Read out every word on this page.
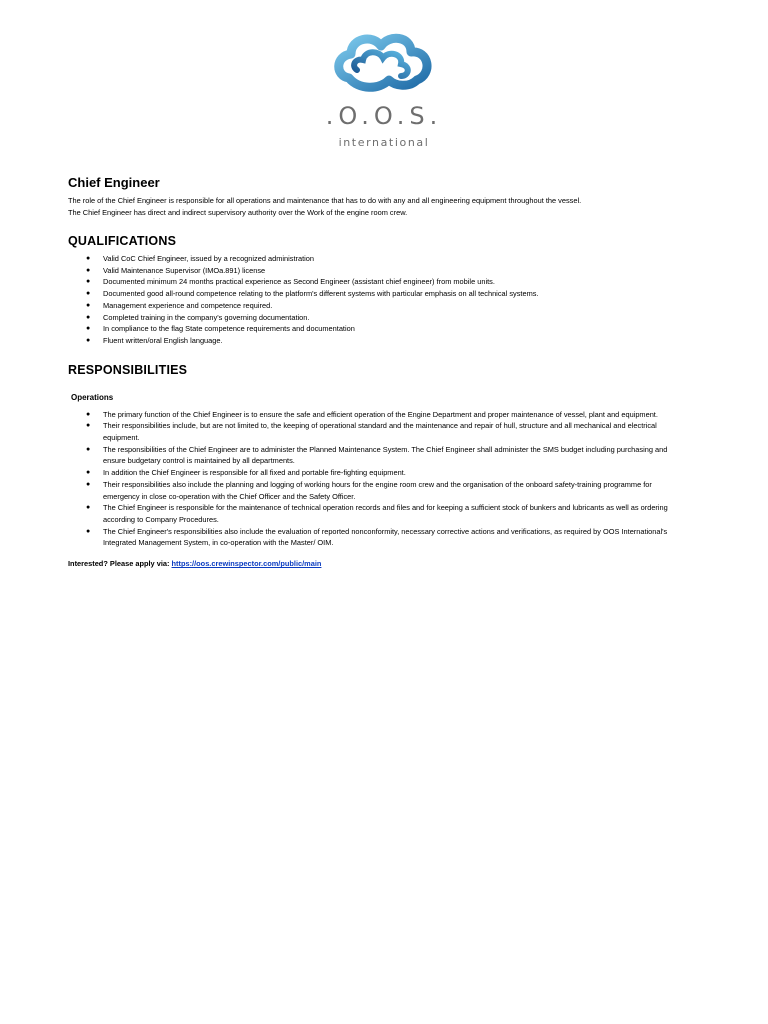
.O.O.S.
international
Chief Engineer

The role of the Chief Engineer is responsible for all operations and maintenance that has to do with any and all engineering equipment throughout the vessel.

The Chief Engineer has direct and indirect supervisory authority over the Work of the engine room crew.

QUALIFICATIONS
● Valid CoC Chief Engineer, issued by a recognized administration
● Valid Maintenance Supervisor (IMOa.891) license
● Documented minimum 24 months practical experience as Second Engineer (assistant chief engineer) from mobile units.
● Documented good all-round competence relating to the platform's different systems with particular emphasis on all technical systems.
● Management experience and competence required.
● Completed training in the company's governing documentation.
● In compliance to the flag State competence requirements and documentation
● Fluent written/oral English language.
RESPONSIBILITIES
Operations
● The primary function of the Chief Engineer is to ensure the safe and efficient operation of the Engine Department and proper maintenance of vessel, plant and equipment.
● Their responsibilities include, but are not limited to, the keeping of operational standard and the maintenance and repair of hull, structure and all mechanical and electrical equipment.
● The responsibilities of the Chief Engineer are to administer the Planned Maintenance System. The Chief Engineer shall administer the SMS budget including purchasing and ensure budgetary control is maintained by all departments.
● In addition the Chief Engineer is responsible for all fixed and portable fire-fighting equipment.
● Their responsibilities also include the planning and logging of working hours for the engine room crew and the organisation of the onboard safety-training programme for emergency in close co-operation with the Chief Officer and the Safety Officer.
● The Chief Engineer is responsible for the maintenance of technical operation records and files and for keeping a sufficient stock of bunkers and lubricants as well as ordering according to Company Procedures.
● The Chief Engineer's responsibilities also include the evaluation of reported nonconformity, necessary corrective actions and verifications, as required by OOS International's Integrated Management System, in co-operation with the Master/ OIM.
Interested? Please apply via: https://oos.crewinspector.com/public/main
